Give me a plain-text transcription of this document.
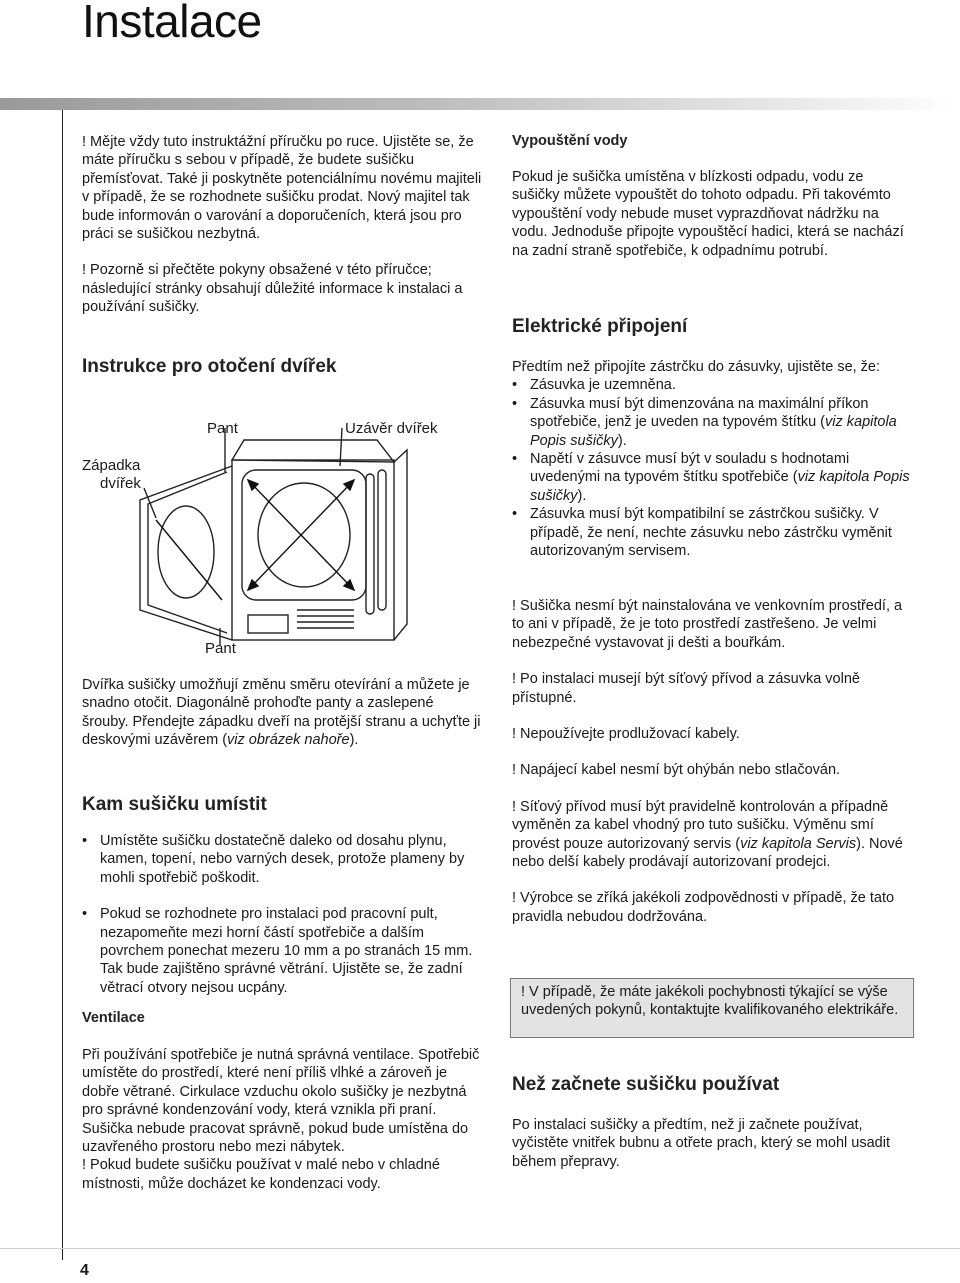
Instalace

! Mějte vždy tuto instruktážní příručku po ruce. Ujistěte se, že máte příručku s sebou v případě, že budete sušičku přemísťovat. Také ji poskytněte potenciálnímu novému majiteli v případě, že se rozhodnete sušičku prodat. Nový majitel tak bude informován o varování a doporučeních, která jsou pro práci se sušičkou nezbytná.

! Pozorně si přečtěte pokyny obsažené v této příručce; následující stránky obsahují důležité informace k instalaci a používání sušičky.

Instrukce pro otočení dvířek
Pant	Uzávěr dvířek
Západka
dvířek
Pant
Dvířka sušičky umožňují změnu směru otevírání a můžete je snadno otočit. Diagonálně prohoďte panty a zaslepené šrouby. Přendejte západku dveří na protější stranu a uchyťte ji deskovými uzávěrem (viz obrázek nahoře).
Kam sušičku umístit
• Umístěte sušičku dostatečně daleko od dosahu plynu, kamen, topení, nebo varných desek, protože plameny by mohli spotřebič poškodit.
• Pokud se rozhodnete pro instalaci pod pracovní pult, nezapomeňte mezi horní částí spotřebiče a dalším povrchem ponechat mezeru 10 mm a po stranách 15 mm. Tak bude zajištěno správné větrání. Ujistěte se, že zadní větrací otvory nejsou ucpány.
Ventilace

Při používání spotřebiče je nutná správná ventilace. Spotřebič umístěte do prostředí, které není příliš vlhké a zároveň je dobře větrané. Cirkulace vzduchu okolo sušičky je nezbytná pro správné kondenzování vody, která vznikla při praní. Sušička nebude pracovat správně, pokud bude umístěna do uzavřeného prostoru nebo mezi nábytek.

! Pokud budete sušičku používat v malé nebo v chladné místnosti, může docházet ke kondenzaci vody.

Vypouštění vody
Pokud je sušička umístěna v blízkosti odpadu, vodu ze sušičky můžete vypouštět do tohoto odpadu. Při takovémto vypouštění vody nebude muset vyprazdňovat nádržku na vodu. Jednoduše připojte vypouštěcí hadici, která se nachází na zadní straně spotřebiče, k odpadnímu potrubí.
Elektrické připojení

Předtím než připojíte zástrčku do zásuvky, ujistěte se, že:

• Zásuvka je uzemněna.
• Zásuvka musí být dimenzována na maximální příkon spotřebiče, jenž je uveden na typovém štítku (viz kapitola Popis sušičky).
• Napětí v zásuvce musí být v souladu s hodnotami uvedenými na typovém štítku spotřebiče (viz kapitola Popis sušičky).
• Zásuvka musí být kompatibilní se zástrčkou sušičky. V případě, že není, nechte zásuvku nebo zástrčku vyměnit autorizovaným servisem.

! Sušička nesmí být nainstalována ve venkovním prostředí, a to ani v případě, že je toto prostředí zastřešeno. Je velmi nebezpečné vystavovat ji dešti a bouřkám.

! Po instalaci musejí být síťový přívod a zásuvka volně přístupné.

! Nepoužívejte prodlužovací kabely.

! Napájecí kabel nesmí být ohýbán nebo stlačován.

! Síťový přívod musí být pravidelně kontrolován a případně vyměněn za kabel vhodný pro tuto sušičku. Výměnu smí provést pouze autorizovaný servis (viz kapitola Servis). Nové nebo delší kabely prodávají autorizovaní prodejci.

! Výrobce se zříká jakékoli zodpovědnosti v případě, že tato pravidla nebudou dodržována.

! V případě, že máte jakékoli pochybnosti týkající se výše uvedených pokynů, kontaktujte kvalifikovaného elektrikáře.
Než začnete sušičku používat
Po instalaci sušičky a předtím, než ji začnete používat, vyčistěte vnitřek bubnu a otřete prach, který se mohl usadit během přepravy.

4
